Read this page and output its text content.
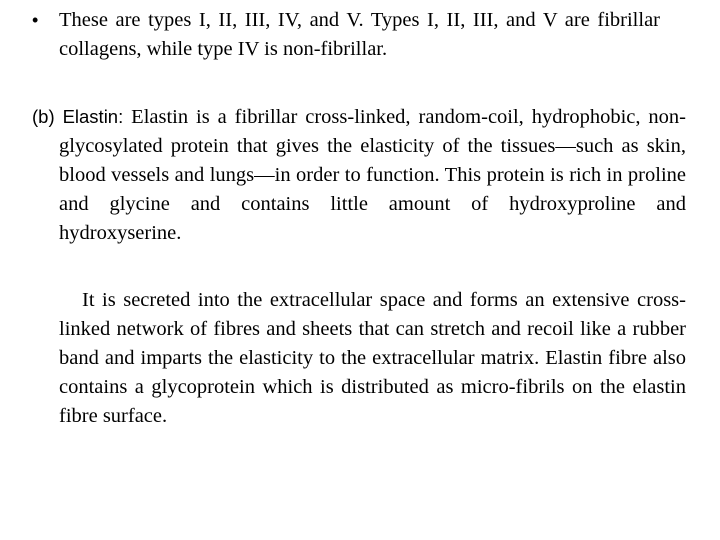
•	These are types I, II, III, IV, and V. Types I, II, III, and V are fibrillar collagens, while type IV is non-fibrillar.
(b) Elastin: Elastin is a fibrillar cross-linked, random-coil, hydrophobic, non-glycosylated protein that gives the elasticity of the tissues—such as skin, blood vessels and lungs—in order to function. This protein is rich in proline and glycine and contains little amount of hydroxyproline and hydroxyserine.
It is secreted into the extracellular space and forms an extensive cross-linked network of fibres and sheets that can stretch and recoil like a rubber band and imparts the elasticity to the extracellular matrix. Elastin fibre also contains a glycoprotein which is distributed as micro-fibrils on the elastin fibre surface.
